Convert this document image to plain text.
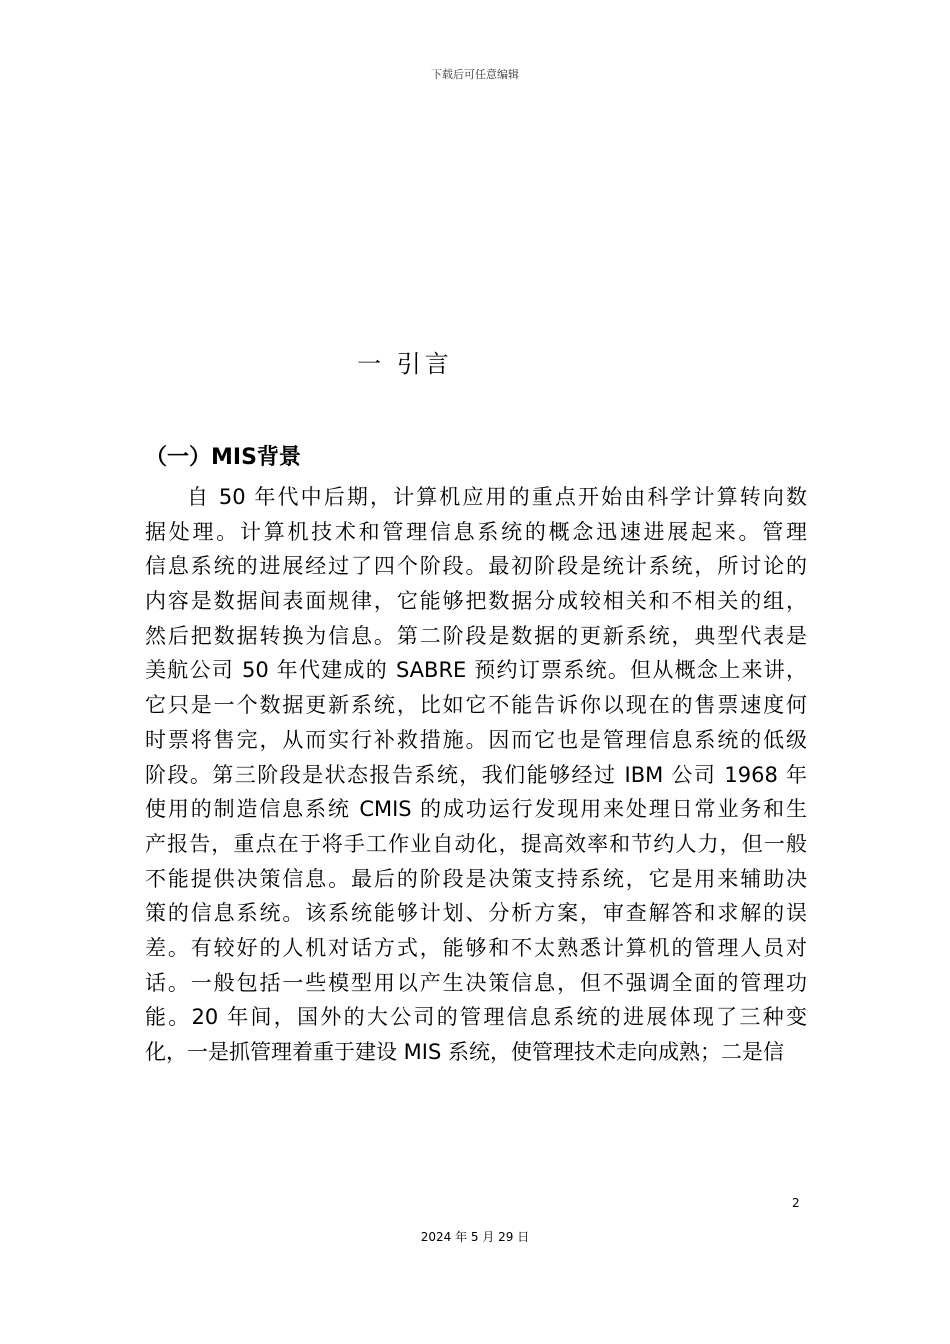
下载后可任意编辑
一 引言
（一）MIS背景
自 50 年代中后期，计算机应用的重点开始由科学计算转向数
据处理。计算机技术和管理信息系统的概念迅速进展起来。管理
信息系统的进展经过了四个阶段。最初阶段是统计系统，所讨论的
内容是数据间表面规律，它能够把数据分成较相关和不相关的组，
然后把数据转换为信息。第二阶段是数据的更新系统，典型代表是
美航公司 50 年代建成的 SABRE 预约订票系统。但从概念上来讲，
它只是一个数据更新系统，比如它不能告诉你以现在的售票速度何
时票将售完，从而实行补救措施。因而它也是管理信息系统的低级
阶段。第三阶段是状态报告系统，我们能够经过 IBM 公司 1968 年
使用的制造信息系统 CMIS 的成功运行发现用来处理日常业务和生
产报告，重点在于将手工作业自动化，提高效率和节约人力，但一般
不能提供决策信息。最后的阶段是决策支持系统，它是用来辅助决
策的信息系统。该系统能够计划、分析方案，审查解答和求解的误
差。有较好的人机对话方式，能够和不太熟悉计算机的管理人员对
话。一般包括一些模型用以产生决策信息，但不强调全面的管理功
能。20 年间，国外的大公司的管理信息系统的进展体现了三种变
化，一是抓管理着重于建设 MIS 系统，使管理技术走向成熟；二是信
2
2024 年 5 月 29 日
